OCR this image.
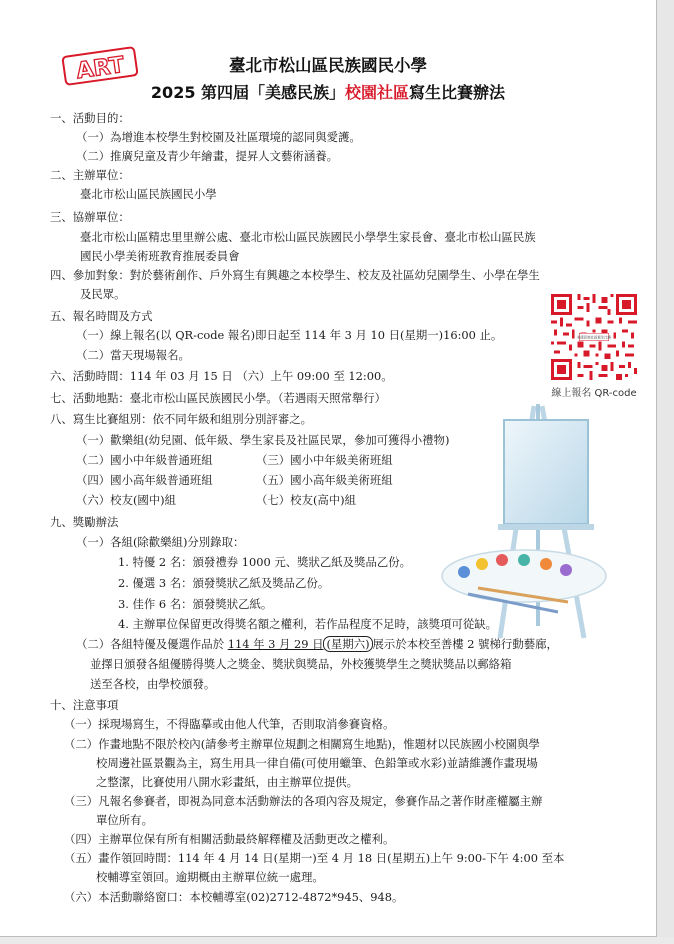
ART	臺北市松山區民族國民小學
2025 第四屆「美感民族」校園社區寫生比賽辦法
一、活動目的：
（一）為增進本校學生對校園及社區環境的認同與愛護。
（二）推廣兒童及青少年繪畫，提昇人文藝術涵養。
二、主辦單位：
臺北市松山區民族國民小學
三、協辦單位：
臺北市松山區精忠里里辦公處、臺北市松山區民族國民小學學生家長會、臺北市松山區民族
國民小學美術班教育推展委員會
四、參加對象：對於藝術創作、戶外寫生有興趣之本校學生、校友及社區幼兒園學生、小學在學生
及民眾。
五、報名時間及方式
（一）線上報名(以 QR-code 報名)即日起至 114 年 3 月 10 日(星期一)16:00 止。
（二）當天現場報名。
六、活動時間：114 年 03 月 15 日 （六）上午 09:00 至 12:00。
七、活動地點：臺北市松山區民族國民小學。（若遇雨天照常舉行）
八、寫生比賽組別：依不同年級和組別分別評審之。
（一）歡樂組(幼兒園、低年級、學生家長及社區民眾，參加可獲得小禮物)
（二）國小中年級普通班組	（三）國小中年級美術班組
（四）國小高年級普通班組	（五）國小高年級美術班組
（六）校友(國中)組	（七）校友(高中)組
九、獎勵辦法
（一）各組(除歡樂組)分別錄取：
1. 特優 2 名：頒發禮券 1000 元、獎狀乙紙及獎品乙份。
2. 優選 3 名：頒發獎狀乙紙及獎品乙份。
3. 佳作 6 名：頒發獎狀乙紙。
4. 主辦單位保留更改得獎名額之權利，若作品程度不足時，該獎項可從缺。
（二）各組特優及優選作品於 114 年 3 月 29 日 (星期六) 展示於本校至善樓 2 號梯行動藝廊，
並擇日頒發各組優勝得獎人之獎金、獎狀與獎品，外校獲獎學生之獎狀獎品以郵絡箱
送至各校，由學校頒發。
十、注意事項
（一）採現場寫生，不得臨摹或由他人代筆，否則取消參賽資格。
（二）作畫地點不限於校內(請參考主辦單位規劃之相關寫生地點)，惟題材以民族國小校園與學
校周邊社區景觀為主，寫生用具一律自備(可使用蠟筆、色鉛筆或水彩)並請維護作畫現場
之整潔，比賽使用八開水彩畫紙，由主辦單位提供。
（三）凡報名參賽者，即視為同意本活動辦法的各項內容及規定，參賽作品之著作財產權屬主辦
單位所有。
（四）主辦單位保有所有相關活動最終解釋權及活動更改之權利。
（五）畫作領回時間：114 年 4 月 14 日(星期一)至 4 月 18 日(星期五)上午 9:00-下午 4:00 至本
校輔導室領回。逾期概由主辦單位統一處理。
（六）本活動聯絡窗口：本校輔導室(02)2712-4872*945、948。
美感民族社區寫生比賽
線上報名 QR-code
